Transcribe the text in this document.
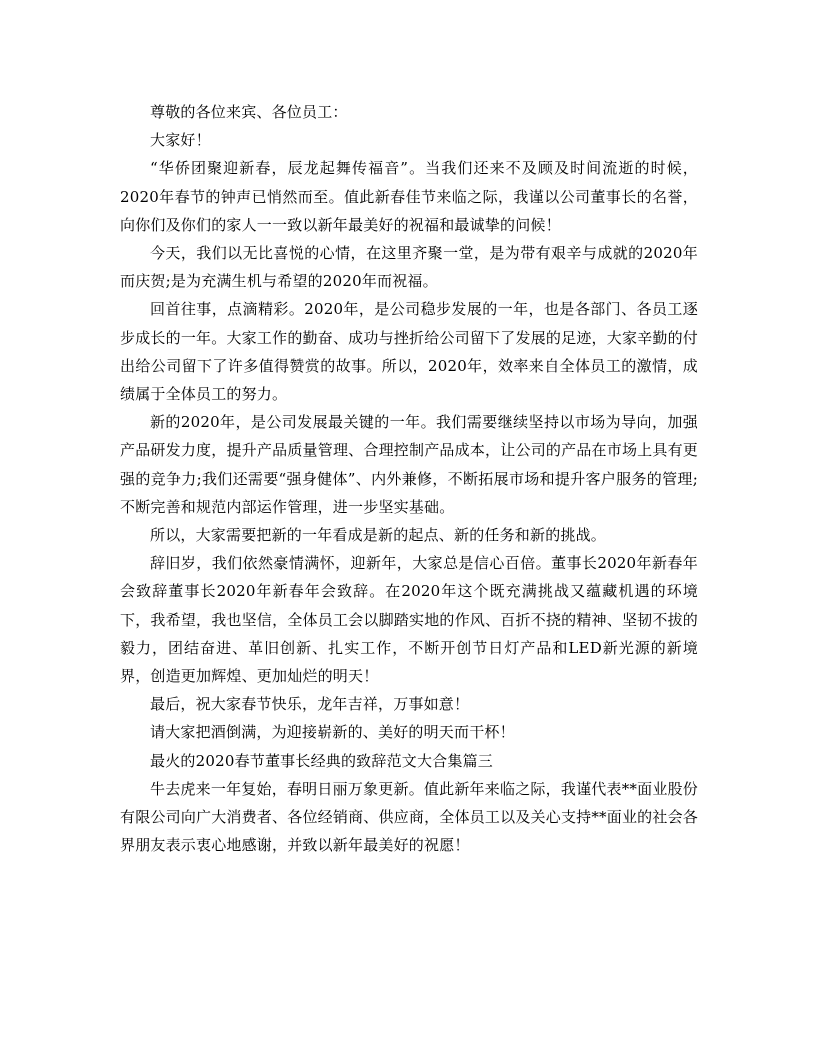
尊敬的各位来宾、各位员工：

大家好！

“华侨团聚迎新春，辰龙起舞传福音”。当我们还来不及顾及时间流逝的时候，2020年春节的钟声已悄然而至。值此新春佳节来临之际，我谨以公司董事长的名誉，向你们及你们的家人一一致以新年最美好的祝福和最诚挚的问候！

今天，我们以无比喜悦的心情，在这里齐聚一堂，是为带有艰辛与成就的2020年而庆贺;是为充满生机与希望的2020年而祝福。

回首往事，点滴精彩。2020年，是公司稳步发展的一年，也是各部门、各员工逐步成长的一年。大家工作的勤奋、成功与挫折给公司留下了发展的足迹，大家辛勤的付出给公司留下了许多值得赞赏的故事。所以，2020年，效率来自全体员工的激情，成绩属于全体员工的努力。

新的2020年，是公司发展最关键的一年。我们需要继续坚持以市场为导向，加强产品研发力度，提升产品质量管理、合理控制产品成本，让公司的产品在市场上具有更强的竞争力;我们还需要“强身健体”、内外兼修，不断拓展市场和提升客户服务的管理;不断完善和规范内部运作管理，进一步坚实基础。

所以，大家需要把新的一年看成是新的起点、新的任务和新的挑战。

辞旧岁，我们依然豪情满怀，迎新年，大家总是信心百倍。董事长2020年新春年会致辞董事长2020年新春年会致辞。在2020年这个既充满挑战又蕴藏机遇的环境下，我希望，我也坚信，全体员工会以脚踏实地的作风、百折不挠的精神、坚韧不拔的毅力，团结奋进、革旧创新、扎实工作，不断开创节日灯产品和LED新光源的新境界，创造更加辉煌、更加灿烂的明天！

最后，祝大家春节快乐，龙年吉祥，万事如意！

请大家把酒倒满，为迎接崭新的、美好的明天而干杯！

最火的2020春节董事长经典的致辞范文大合集篇三

牛去虎来一年复始，春明日丽万象更新。值此新年来临之际，我谨代表**面业股份有限公司向广大消费者、各位经销商、供应商，全体员工以及关心支持**面业的社会各界朋友表示衷心地感谢，并致以新年最美好的祝愿！
